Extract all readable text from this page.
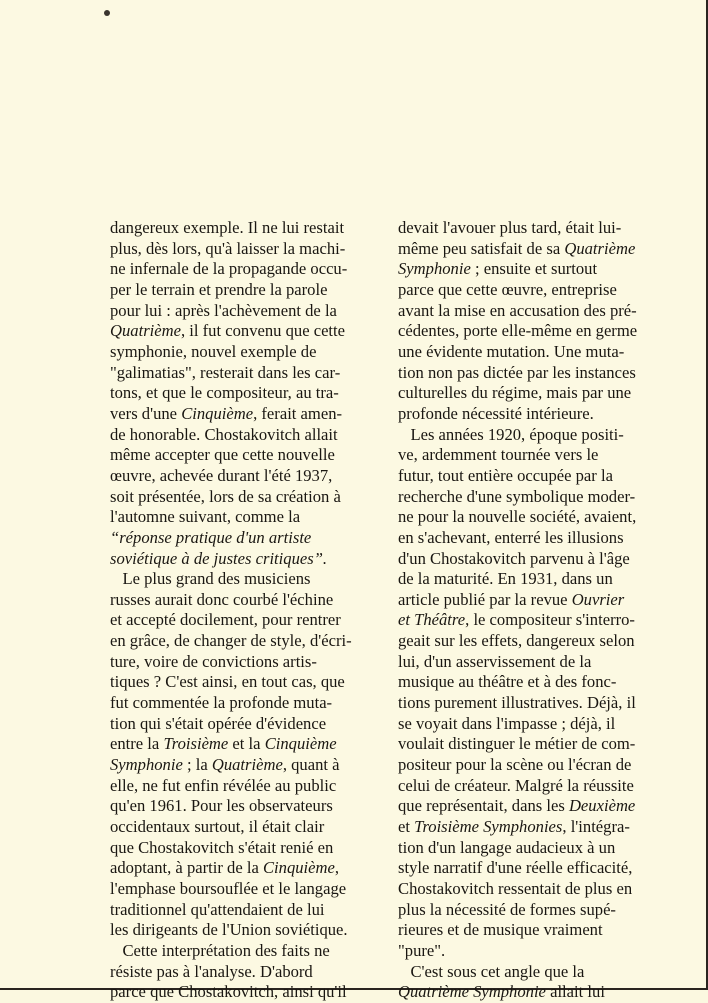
dangereux exemple. Il ne lui restait
plus, dès lors, qu'à laisser la machi-
ne infernale de la propagande occu-
per le terrain et prendre la parole
pour lui : après l'achèvement de la
Quatrième, il fut convenu que cette
symphonie, nouvel exemple de
"galimatias", resterait dans les car-
tons, et que le compositeur, au tra-
vers d'une Cinquième, ferait amen-
de honorable. Chostakovitch allait
même accepter que cette nouvelle
œuvre, achevée durant l'été 1937,
soit présentée, lors de sa création à
l'automne suivant, comme la
“réponse pratique d'un artiste
soviétique à de justes critiques”.
Le plus grand des musiciens
russes aurait donc courbé l'échine
et accepté docilement, pour rentrer
en grâce, de changer de style, d'écri-
ture, voire de convictions artis-
tiques ? C'est ainsi, en tout cas, que
fut commentée la profonde muta-
tion qui s'était opérée d'évidence
entre la Troisième et la Cinquième
Symphonie ; la Quatrième, quant à
elle, ne fut enfin révélée au public
qu'en 1961. Pour les observateurs
occidentaux surtout, il était clair
que Chostakovitch s'était renié en
adoptant, à partir de la Cinquième,
l'emphase boursouflée et le langage
traditionnel qu'attendaient de lui
les dirigeants de l'Union soviétique.
Cette interprétation des faits ne
résiste pas à l'analyse. D'abord
parce que Chostakovitch, ainsi qu'il
devait l'avouer plus tard, était lui-
même peu satisfait de sa Quatrième
Symphonie ; ensuite et surtout
parce que cette œuvre, entreprise
avant la mise en accusation des pré-
cédentes, porte elle-même en germe
une évidente mutation. Une muta-
tion non pas dictée par les instances
culturelles du régime, mais par une
profonde nécessité intérieure.
Les années 1920, époque positi-
ve, ardemment tournée vers le
futur, tout entière occupée par la
recherche d'une symbolique moder-
ne pour la nouvelle société, avaient,
en s'achevant, enterré les illusions
d'un Chostakovitch parvenu à l'âge
de la maturité. En 1931, dans un
article publié par la revue Ouvrier
et Théâtre, le compositeur s'interro-
geait sur les effets, dangereux selon
lui, d'un asservissement de la
musique au théâtre et à des fonc-
tions purement illustratives. Déjà, il
se voyait dans l'impasse ; déjà, il
voulait distinguer le métier de com-
positeur pour la scène ou l'écran de
celui de créateur. Malgré la réussite
que représentait, dans les Deuxième
et Troisième Symphonies, l'intégra-
tion d'un langage audacieux à un
style narratif d'une réelle efficacité,
Chostakovitch ressentait de plus en
plus la nécessité de formes supé-
rieures et de musique vraiment
"pure".
C'est sous cet angle que la
Quatrième Symphonie allait lui
